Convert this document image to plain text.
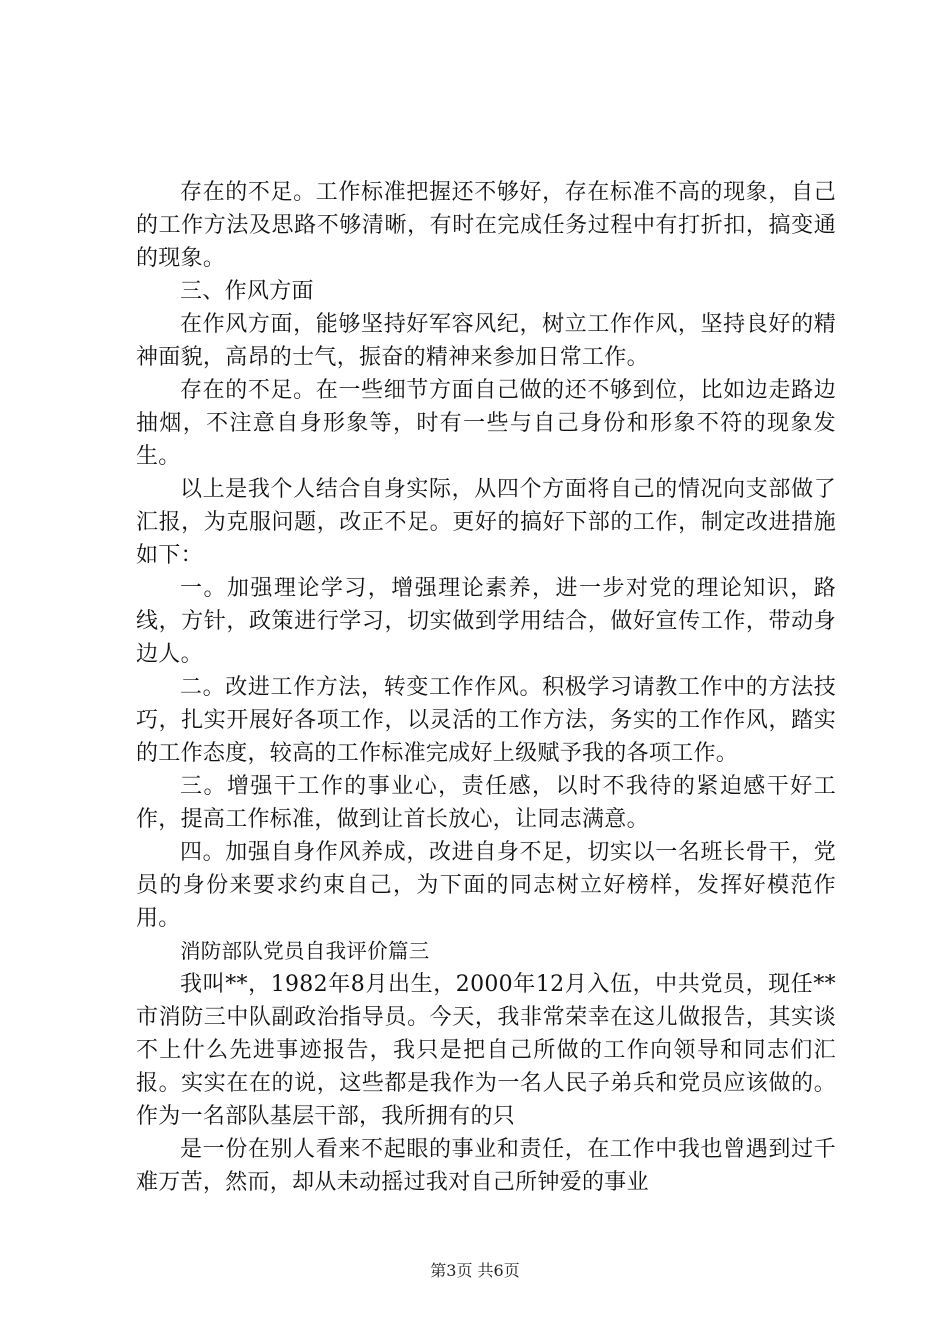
存在的不足。工作标准把握还不够好，存在标准不高的现象，自己的工作方法及思路不够清晰，有时在完成任务过程中有打折扣，搞变通的现象。

三、作风方面

在作风方面，能够坚持好军容风纪，树立工作作风，坚持良好的精神面貌，高昂的士气，振奋的精神来参加日常工作。

存在的不足。在一些细节方面自己做的还不够到位，比如边走路边抽烟，不注意自身形象等，时有一些与自己身份和形象不符的现象发生。

以上是我个人结合自身实际，从四个方面将自己的情况向支部做了汇报，为克服问题，改正不足。更好的搞好下部的工作，制定改进措施如下：

一。加强理论学习，增强理论素养，进一步对党的理论知识，路线，方针，政策进行学习，切实做到学用结合，做好宣传工作，带动身边人。

二。改进工作方法，转变工作作风。积极学习请教工作中的方法技巧，扎实开展好各项工作，以灵活的工作方法，务实的工作作风，踏实的工作态度，较高的工作标准完成好上级赋予我的各项工作。

三。增强干工作的事业心，责任感，以时不我待的紧迫感干好工作，提高工作标准，做到让首长放心，让同志满意。

四。加强自身作风养成，改进自身不足，切实以一名班长骨干，党员的身份来要求约束自己，为下面的同志树立好榜样，发挥好模范作用。

消防部队党员自我评价篇三

我叫**，1982年8月出生，2000年12月入伍，中共党员，现任**市消防三中队副政治指导员。今天，我非常荣幸在这儿做报告，其实谈不上什么先进事迹报告，我只是把自己所做的工作向领导和同志们汇报。实实在在的说，这些都是我作为一名人民子弟兵和党员应该做的。作为一名部队基层干部，我所拥有的只

是一份在别人看来不起眼的事业和责任，在工作中我也曾遇到过千难万苦，然而，却从未动摇过我对自己所钟爱的事业

第3页 共6页
